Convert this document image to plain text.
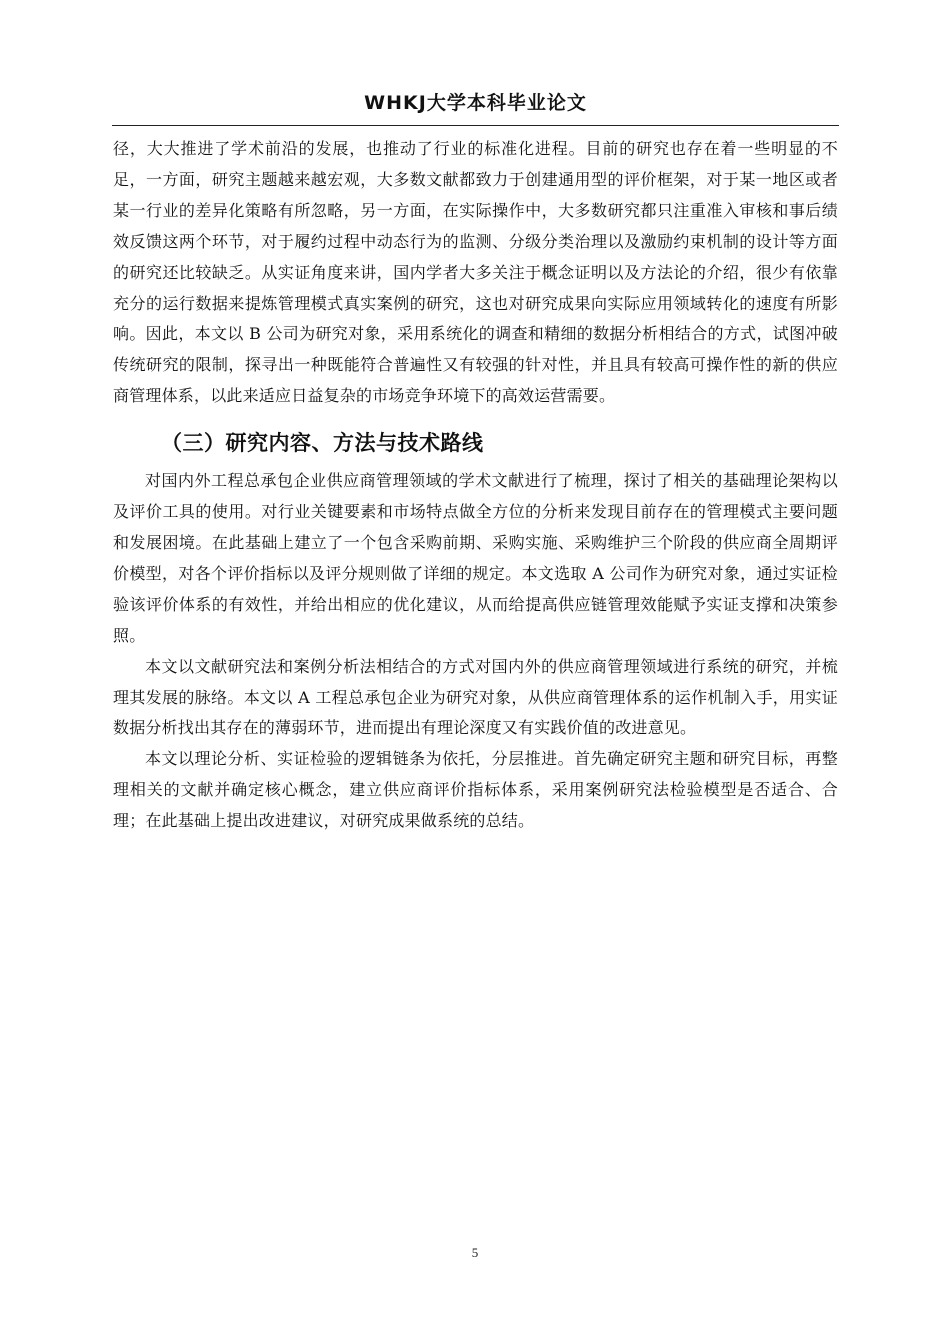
WHKJ大学本科毕业论文

径，大大推进了学术前沿的发展，也推动了行业的标准化进程。目前的研究也存在着一些明显的不足，一方面，研究主题越来越宏观，大多数文献都致力于创建通用型的评价框架，对于某一地区或者某一行业的差异化策略有所忽略，另一方面，在实际操作中，大多数研究都只注重准入审核和事后绩效反馈这两个环节，对于履约过程中动态行为的监测、分级分类治理以及激励约束机制的设计等方面的研究还比较缺乏。从实证角度来讲，国内学者大多关注于概念证明以及方法论的介绍，很少有依靠充分的运行数据来提炼管理模式真实案例的研究，这也对研究成果向实际应用领域转化的速度有所影响。因此，本文以 B 公司为研究对象，采用系统化的调查和精细的数据分析相结合的方式，试图冲破传统研究的限制，探寻出一种既能符合普遍性又有较强的针对性，并且具有较高可操作性的新的供应商管理体系，以此来适应日益复杂的市场竞争环境下的高效运营需要。

（三）研究内容、方法与技术路线

对国内外工程总承包企业供应商管理领域的学术文献进行了梳理，探讨了相关的基础理论架构以及评价工具的使用。对行业关键要素和市场特点做全方位的分析来发现目前存在的管理模式主要问题和发展困境。在此基础上建立了一个包含采购前期、采购实施、采购维护三个阶段的供应商全周期评价模型，对各个评价指标以及评分规则做了详细的规定。本文选取 A 公司作为研究对象，通过实证检验该评价体系的有效性，并给出相应的优化建议，从而给提高供应链管理效能赋予实证支撑和决策参照。

本文以文献研究法和案例分析法相结合的方式对国内外的供应商管理领域进行系统的研究，并梳理其发展的脉络。本文以 A 工程总承包企业为研究对象，从供应商管理体系的运作机制入手，用实证数据分析找出其存在的薄弱环节，进而提出有理论深度又有实践价值的改进意见。

本文以理论分析、实证检验的逻辑链条为依托，分层推进。首先确定研究主题和研究目标，再整理相关的文献并确定核心概念，建立供应商评价指标体系，采用案例研究法检验模型是否适合、合理；在此基础上提出改进建议，对研究成果做系统的总结。

5
